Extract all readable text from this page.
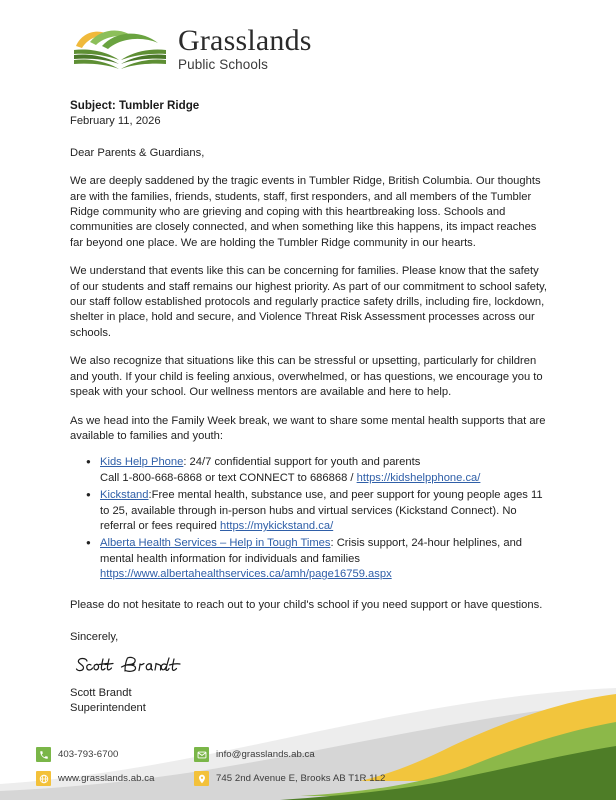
Grasslands
Public Schools

Subject: Tumbler Ridge

February 11, 2026

Dear Parents & Guardians,

We are deeply saddened by the tragic events in Tumbler Ridge, British Columbia. Our thoughts are with the families, friends, students, staff, first responders, and all members of the Tumbler Ridge community who are grieving and coping with this heartbreaking loss. Schools and communities are closely connected, and when something like this happens, its impact reaches far beyond one place. We are holding the Tumbler Ridge community in our hearts.

We understand that events like this can be concerning for families. Please know that the safety of our students and staff remains our highest priority. As part of our commitment to school safety, our staff follow established protocols and regularly practice safety drills, including fire, lockdown, shelter in place, hold and secure, and Violence Threat Risk Assessment processes across our schools.

We also recognize that situations like this can be stressful or upsetting, particularly for children and youth. If your child is feeling anxious, overwhelmed, or has questions, we encourage you to speak with your school. Our wellness mentors are available and here to help.

As we head into the Family Week break, we want to share some mental health supports that are available to families and youth:

● Kids Help Phone: 24/7 confidential support for youth and parents
Call 1-800-668-6868 or text CONNECT to 686868 / https://kidshelpphone.ca/
● Kickstand:Free mental health, substance use, and peer support for young people ages 11 to 25, available through in-person hubs and virtual services (Kickstand Connect). No referral or fees required https://mykickstand.ca/
● Alberta Health Services – Help in Tough Times: Crisis support, 24-hour helplines, and mental health information for individuals and families
https://www.albertahealthservices.ca/amh/page16759.aspx

Please do not hesitate to reach out to your child's school if you need support or have questions.

Sincerely,

Scott Brandt
Superintendent

403-793-6700	info@grasslands.ab.ca
www.grasslands.ab.ca	745 2nd Avenue E, Brooks AB T1R 1L2
